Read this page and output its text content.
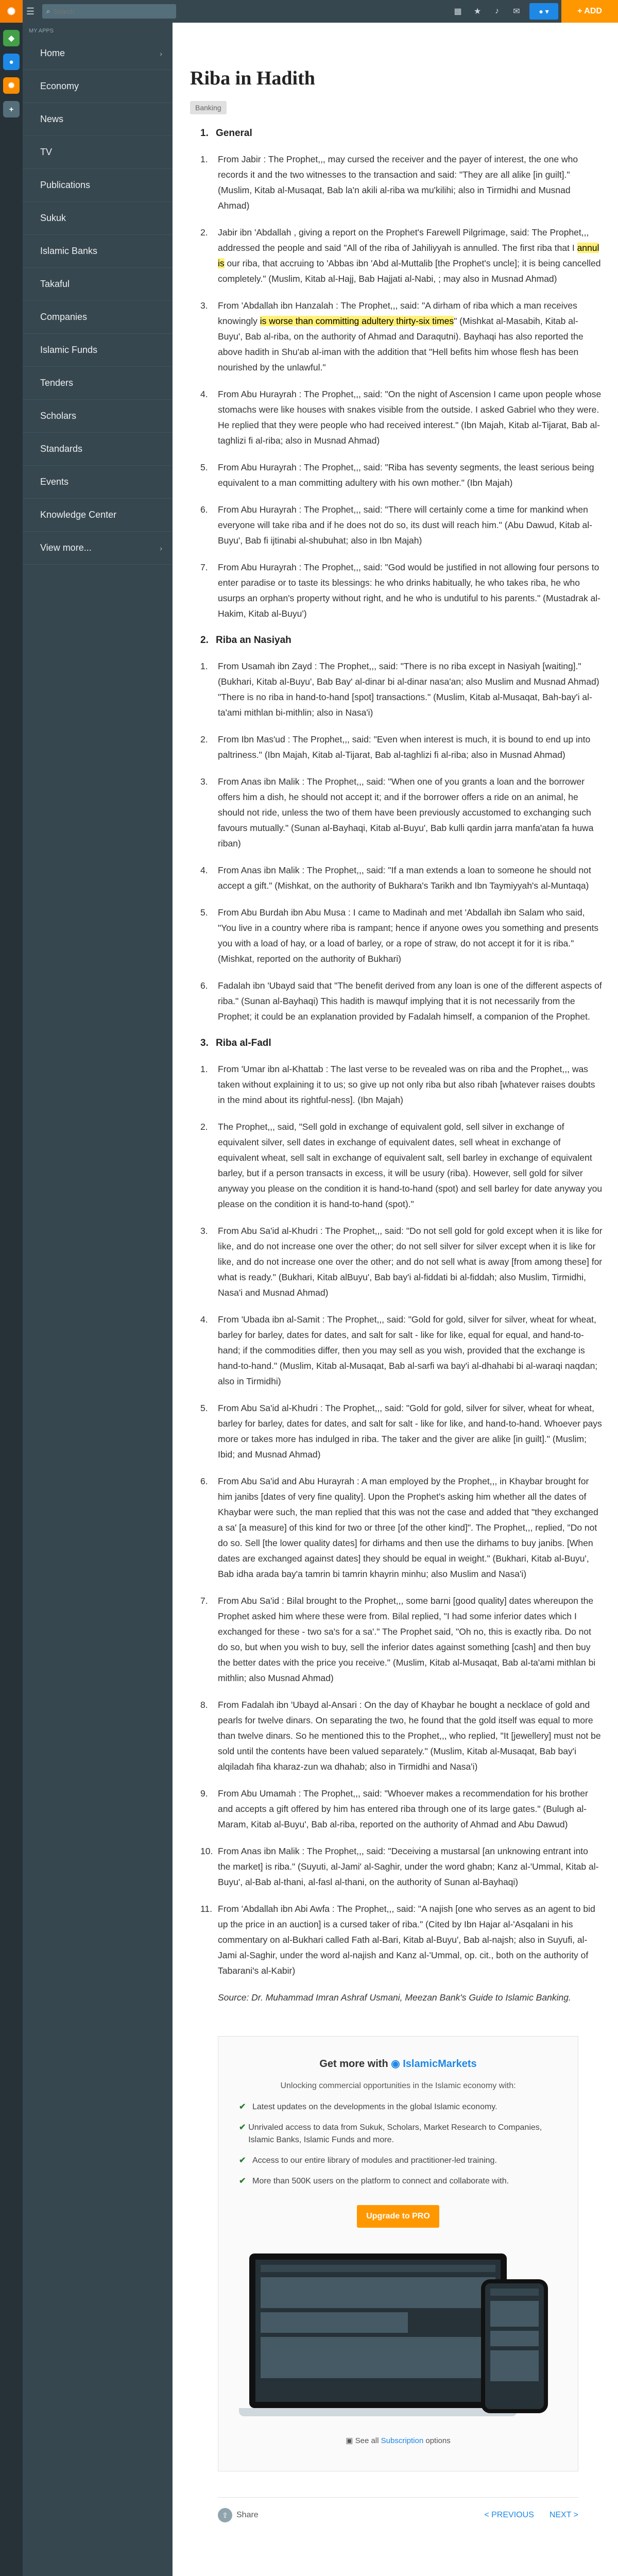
✺	☰	⌕
Search	▦	★	♪	✉	● ▾	+ ADD
◆
●
✺
+
MY APPS
Home	›
Economy
News
TV
Publications
Sukuk
Islamic Banks
Takaful
Companies
Islamic Funds
Tenders
Scholars
Standards
Events
Knowledge Center
View more...	›
Riba in Hadith
Banking
1. General
1.	From Jabir : The Prophet,,, may cursed the receiver and the payer of interest, the one who records it and the two witnesses to the transaction and said: "They are all alike [in guilt]." (Muslim, Kitab al-Musaqat, Bab la'n akili al-riba wa mu'kilihi; also in Tirmidhi and Musnad Ahmad)
2.	Jabir ibn 'Abdallah , giving a report on the Prophet's Farewell Pilgrimage, said: The Prophet,,, addressed the people and said "All of the riba of Jahiliyyah is annulled. The first riba that I annul is our riba, that accruing to 'Abbas ibn 'Abd al-Muttalib [the Prophet's uncle]; it is being cancelled completely." (Muslim, Kitab al-Hajj, Bab Hajjati al-Nabi, ; may also in Musnad Ahmad)
3.	From 'Abdallah ibn Hanzalah : The Prophet,,, said: "A dirham of riba which a man receives knowingly is worse than committing adultery thirty-six times" (Mishkat al-Masabih, Kitab al-Buyu', Bab al-riba, on the authority of Ahmad and Daraqutni). Bayhaqi has also reported the above hadith in Shu'ab al-iman with the addition that "Hell befits him whose flesh has been nourished by the unlawful."
4.	From Abu Hurayrah : The Prophet,,, said: "On the night of Ascension I came upon people whose stomachs were like houses with snakes visible from the outside. I asked Gabriel who they were. He replied that they were people who had received interest." (Ibn Majah, Kitab al-Tijarat, Bab al-taghlizi fi al-riba; also in Musnad Ahmad)
5.	From Abu Hurayrah : The Prophet,,, said: "Riba has seventy segments, the least serious being equivalent to a man committing adultery with his own mother." (Ibn Majah)
6.	From Abu Hurayrah : The Prophet,,, said: "There will certainly come a time for mankind when everyone will take riba and if he does not do so, its dust will reach him." (Abu Dawud, Kitab al-Buyu', Bab fi ijtinabi al-shubuhat; also in Ibn Majah)
7.	From Abu Hurayrah : The Prophet,,, said: "God would be justified in not allowing four persons to enter paradise or to taste its blessings: he who drinks habitually, he who takes riba, he who usurps an orphan's property without right, and he who is undutiful to his parents." (Mustadrak al-Hakim, Kitab al-Buyu')
2. Riba an Nasiyah
1.	From Usamah ibn Zayd : The Prophet,,, said: "There is no riba except in Nasiyah [waiting]." (Bukhari, Kitab al-Buyu', Bab Bay' al-dinar bi al-dinar nasa'an; also Muslim and Musnad Ahmad) "There is no riba in hand-to-hand [spot] transactions." (Muslim, Kitab al-Musaqat, Bah-bay'i al-ta'ami mithlan bi-mithlin; also in Nasa'i)
2.	From Ibn Mas'ud : The Prophet,,, said: "Even when interest is much, it is bound to end up into paltriness." (Ibn Majah, Kitab al-Tijarat, Bab al-taghlizi fi al-riba; also in Musnad Ahmad)
3.	From Anas ibn Malik : The Prophet,,, said: "When one of you grants a loan and the borrower offers him a dish, he should not accept it; and if the borrower offers a ride on an animal, he should not ride, unless the two of them have been previously accustomed to exchanging such favours mutually." (Sunan al-Bayhaqi, Kitab al-Buyu', Bab kulli qardin jarra manfa'atan fa huwa riban)
4.	From Anas ibn Malik : The Prophet,,, said: "If a man extends a loan to someone he should not accept a gift." (Mishkat, on the authority of Bukhara's Tarikh and Ibn Taymiyyah's al-Muntaqa)
5.	From Abu Burdah ibn Abu Musa : I came to Madinah and met 'Abdallah ibn Salam who said, "You live in a country where riba is rampant; hence if anyone owes you something and presents you with a load of hay, or a load of barley, or a rope of straw, do not accept it for it is riba." (Mishkat, reported on the authority of Bukhari)
6.	Fadalah ibn 'Ubayd said that "The benefit derived from any loan is one of the different aspects of riba." (Sunan al-Bayhaqi) This hadith is mawquf implying that it is not necessarily from the Prophet; it could be an explanation provided by Fadalah himself, a companion of the Prophet.
3. Riba al-Fadl
1.	From 'Umar ibn al-Khattab : The last verse to be revealed was on riba and the Prophet,,, was taken without explaining it to us; so give up not only riba but also ribah [whatever raises doubts in the mind about its rightful-ness]. (Ibn Majah)
2.	The Prophet,,, said, "Sell gold in exchange of equivalent gold, sell silver in exchange of equivalent silver, sell dates in exchange of equivalent dates, sell wheat in exchange of equivalent wheat, sell salt in exchange of equivalent salt, sell barley in exchange of equivalent barley, but if a person transacts in excess, it will be usury (riba). However, sell gold for silver anyway you please on the condition it is hand-to-hand (spot) and sell barley for date anyway you please on the condition it is hand-to-hand (spot)."
3.	From Abu Sa'id al-Khudri : The Prophet,,, said: "Do not sell gold for gold except when it is like for like, and do not increase one over the other; do not sell silver for silver except when it is like for like, and do not increase one over the other; and do not sell what is away [from among these] for what is ready." (Bukhari, Kitab alBuyu', Bab bay'i al-fiddati bi al-fiddah; also Muslim, Tirmidhi, Nasa'i and Musnad Ahmad)
4.	From 'Ubada ibn al-Samit : The Prophet,,, said: "Gold for gold, silver for silver, wheat for wheat, barley for barley, dates for dates, and salt for salt - like for like, equal for equal, and hand-to-hand; if the commodities differ, then you may sell as you wish, provided that the exchange is hand-to-hand." (Muslim, Kitab al-Musaqat, Bab al-sarfi wa bay'i al-dhahabi bi al-waraqi naqdan; also in Tirmidhi)
5.	From Abu Sa'id al-Khudri : The Prophet,,, said: "Gold for gold, silver for silver, wheat for wheat, barley for barley, dates for dates, and salt for salt - like for like, and hand-to-hand. Whoever pays more or takes more has indulged in riba. The taker and the giver are alike [in guilt]." (Muslim; Ibid; and Musnad Ahmad)
6.	From Abu Sa'id and Abu Hurayrah : A man employed by the Prophet,,, in Khaybar brought for him janibs [dates of very fine quality]. Upon the Prophet's asking him whether all the dates of Khaybar were such, the man replied that this was not the case and added that "they exchanged a sa' [a measure] of this kind for two or three [of the other kind]". The Prophet,,, replied, "Do not do so. Sell [the lower quality dates] for dirhams and then use the dirhams to buy janibs. [When dates are exchanged against dates] they should be equal in weight." (Bukhari, Kitab al-Buyu', Bab idha arada bay'a tamrin bi tamrin khayrin minhu; also Muslim and Nasa'i)
7.	From Abu Sa'id : Bilal brought to the Prophet,,, some barni [good quality] dates whereupon the Prophet asked him where these were from. Bilal replied, "I had some inferior dates which I exchanged for these - two sa's for a sa'." The Prophet said, "Oh no, this is exactly riba. Do not do so, but when you wish to buy, sell the inferior dates against something [cash] and then buy the better dates with the price you receive." (Muslim, Kitab al-Musaqat, Bab al-ta'ami mithlan bi mithlin; also Musnad Ahmad)
8.	From Fadalah ibn 'Ubayd al-Ansari : On the day of Khaybar he bought a necklace of gold and pearls for twelve dinars. On separating the two, he found that the gold itself was equal to more than twelve dinars. So he mentioned this to the Prophet,,, who replied, "It [jewellery] must not be sold until the contents have been valued separately." (Muslim, Kitab al-Musaqat, Bab bay'i alqiladah fiha kharaz-zun wa dhahab; also in Tirmidhi and Nasa'i)
9.	From Abu Umamah : The Prophet,,, said: "Whoever makes a recommendation for his brother and accepts a gift offered by him has entered riba through one of its large gates." (Bulugh al-Maram, Kitab al-Buyu', Bab al-riba, reported on the authority of Ahmad and Abu Dawud)
10. From Anas ibn Malik : The Prophet,,, said: "Deceiving a mustarsal [an unknowing entrant into the market] is riba." (Suyuti, al-Jami' al-Saghir, under the word ghabn; Kanz al-'Ummal, Kitab al-Buyu', al-Bab al-thani, al-fasl al-thani, on the authority of Sunan al-Bayhaqi)
11. From 'Abdallah ibn Abi Awfa : The Prophet,,, said: "A najish [one who serves as an agent to bid up the price in an auction] is a cursed taker of riba." (Cited by Ibn Hajar al-'Asqalani in his commentary on al-Bukhari called Fath al-Bari, Kitab al-Buyu', Bab al-najsh; also in Suyufi, al-Jami al-Saghir, under the word al-najish and Kanz al-'Ummal, op. cit., both on the authority of Tabarani's al-Kabir)
Source: Dr. Muhammad Imran Ashraf Usmani, Meezan Bank's Guide to Islamic Banking.
Get more with ◉ IslamicMarkets
Unlocking commercial opportunities in the Islamic economy with:
✔ Latest updates on the developments in the global Islamic economy.
✔ Unrivaled access to data from Sukuk, Scholars, Market Research to Companies, Islamic Banks, Islamic Funds and more.
✔ Access to our entire library of modules and practitioner-led training.
✔ More than 500K users on the platform to connect and collaborate with.
Upgrade to PRO
▣ See all Subscription options
⇪	Share	< PREVIOUS NEXT >
